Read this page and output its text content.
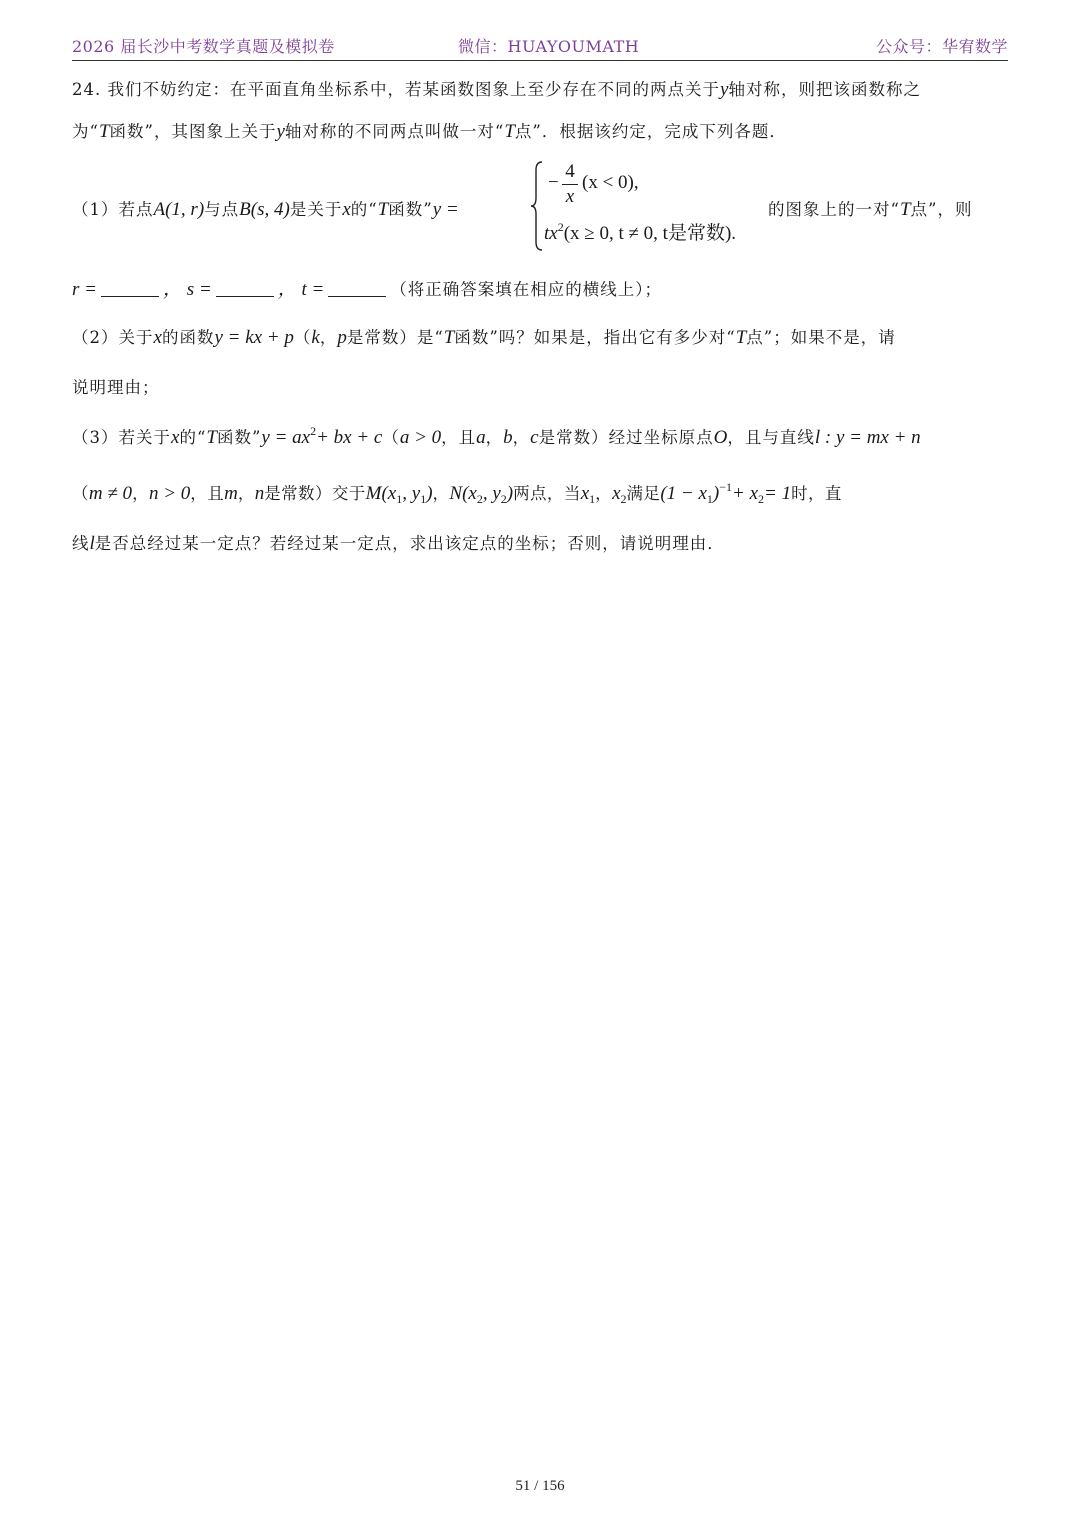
2026 届长沙中考数学真题及模拟卷	微信：HUAYOUMATH	公众号：华宥数学
24. 我们不妨约定：在平面直角坐标系中，若某函数图象上至少存在不同的两点关于y轴对称，则把该函数称之
为“T函数”，其图象上关于y轴对称的不同两点叫做一对“T点”．根据该约定，完成下列各题．
（1）若点A(1, r)与点B(s, 4)是关于x的“T函数”y =
−
4
x
(x < 0),
$tx^2(x \ge 0$, t ≠ 0, t是常数).
的图象上的一对“T点”，则
r =	， s =	， t =	（将正确答案填在相应的横线上）；
（2）关于x的函数y = kx + p（k，p是常数）是“T函数”吗？如果是，指出它有多少对“T点”；如果不是，请
说明理由；
（3）若关于x的“T函数”y = $ax^2+$ bx + c（a > 0，且a，b，c是常数）经过坐标原点O，且与直线l : y = mx + n
（m ≠ 0，n > 0，且m，n是常数）交于$M(x_1$, $y_1$)，$N(x_2$, $y_2$)两点，当$x_1$，$x_2$满足$(1 - x_1)^{-1}+ x_2= 1$时，直
线l是否总经过某一定点？若经过某一定点，求出该定点的坐标；否则，请说明理由．
51 / 156
